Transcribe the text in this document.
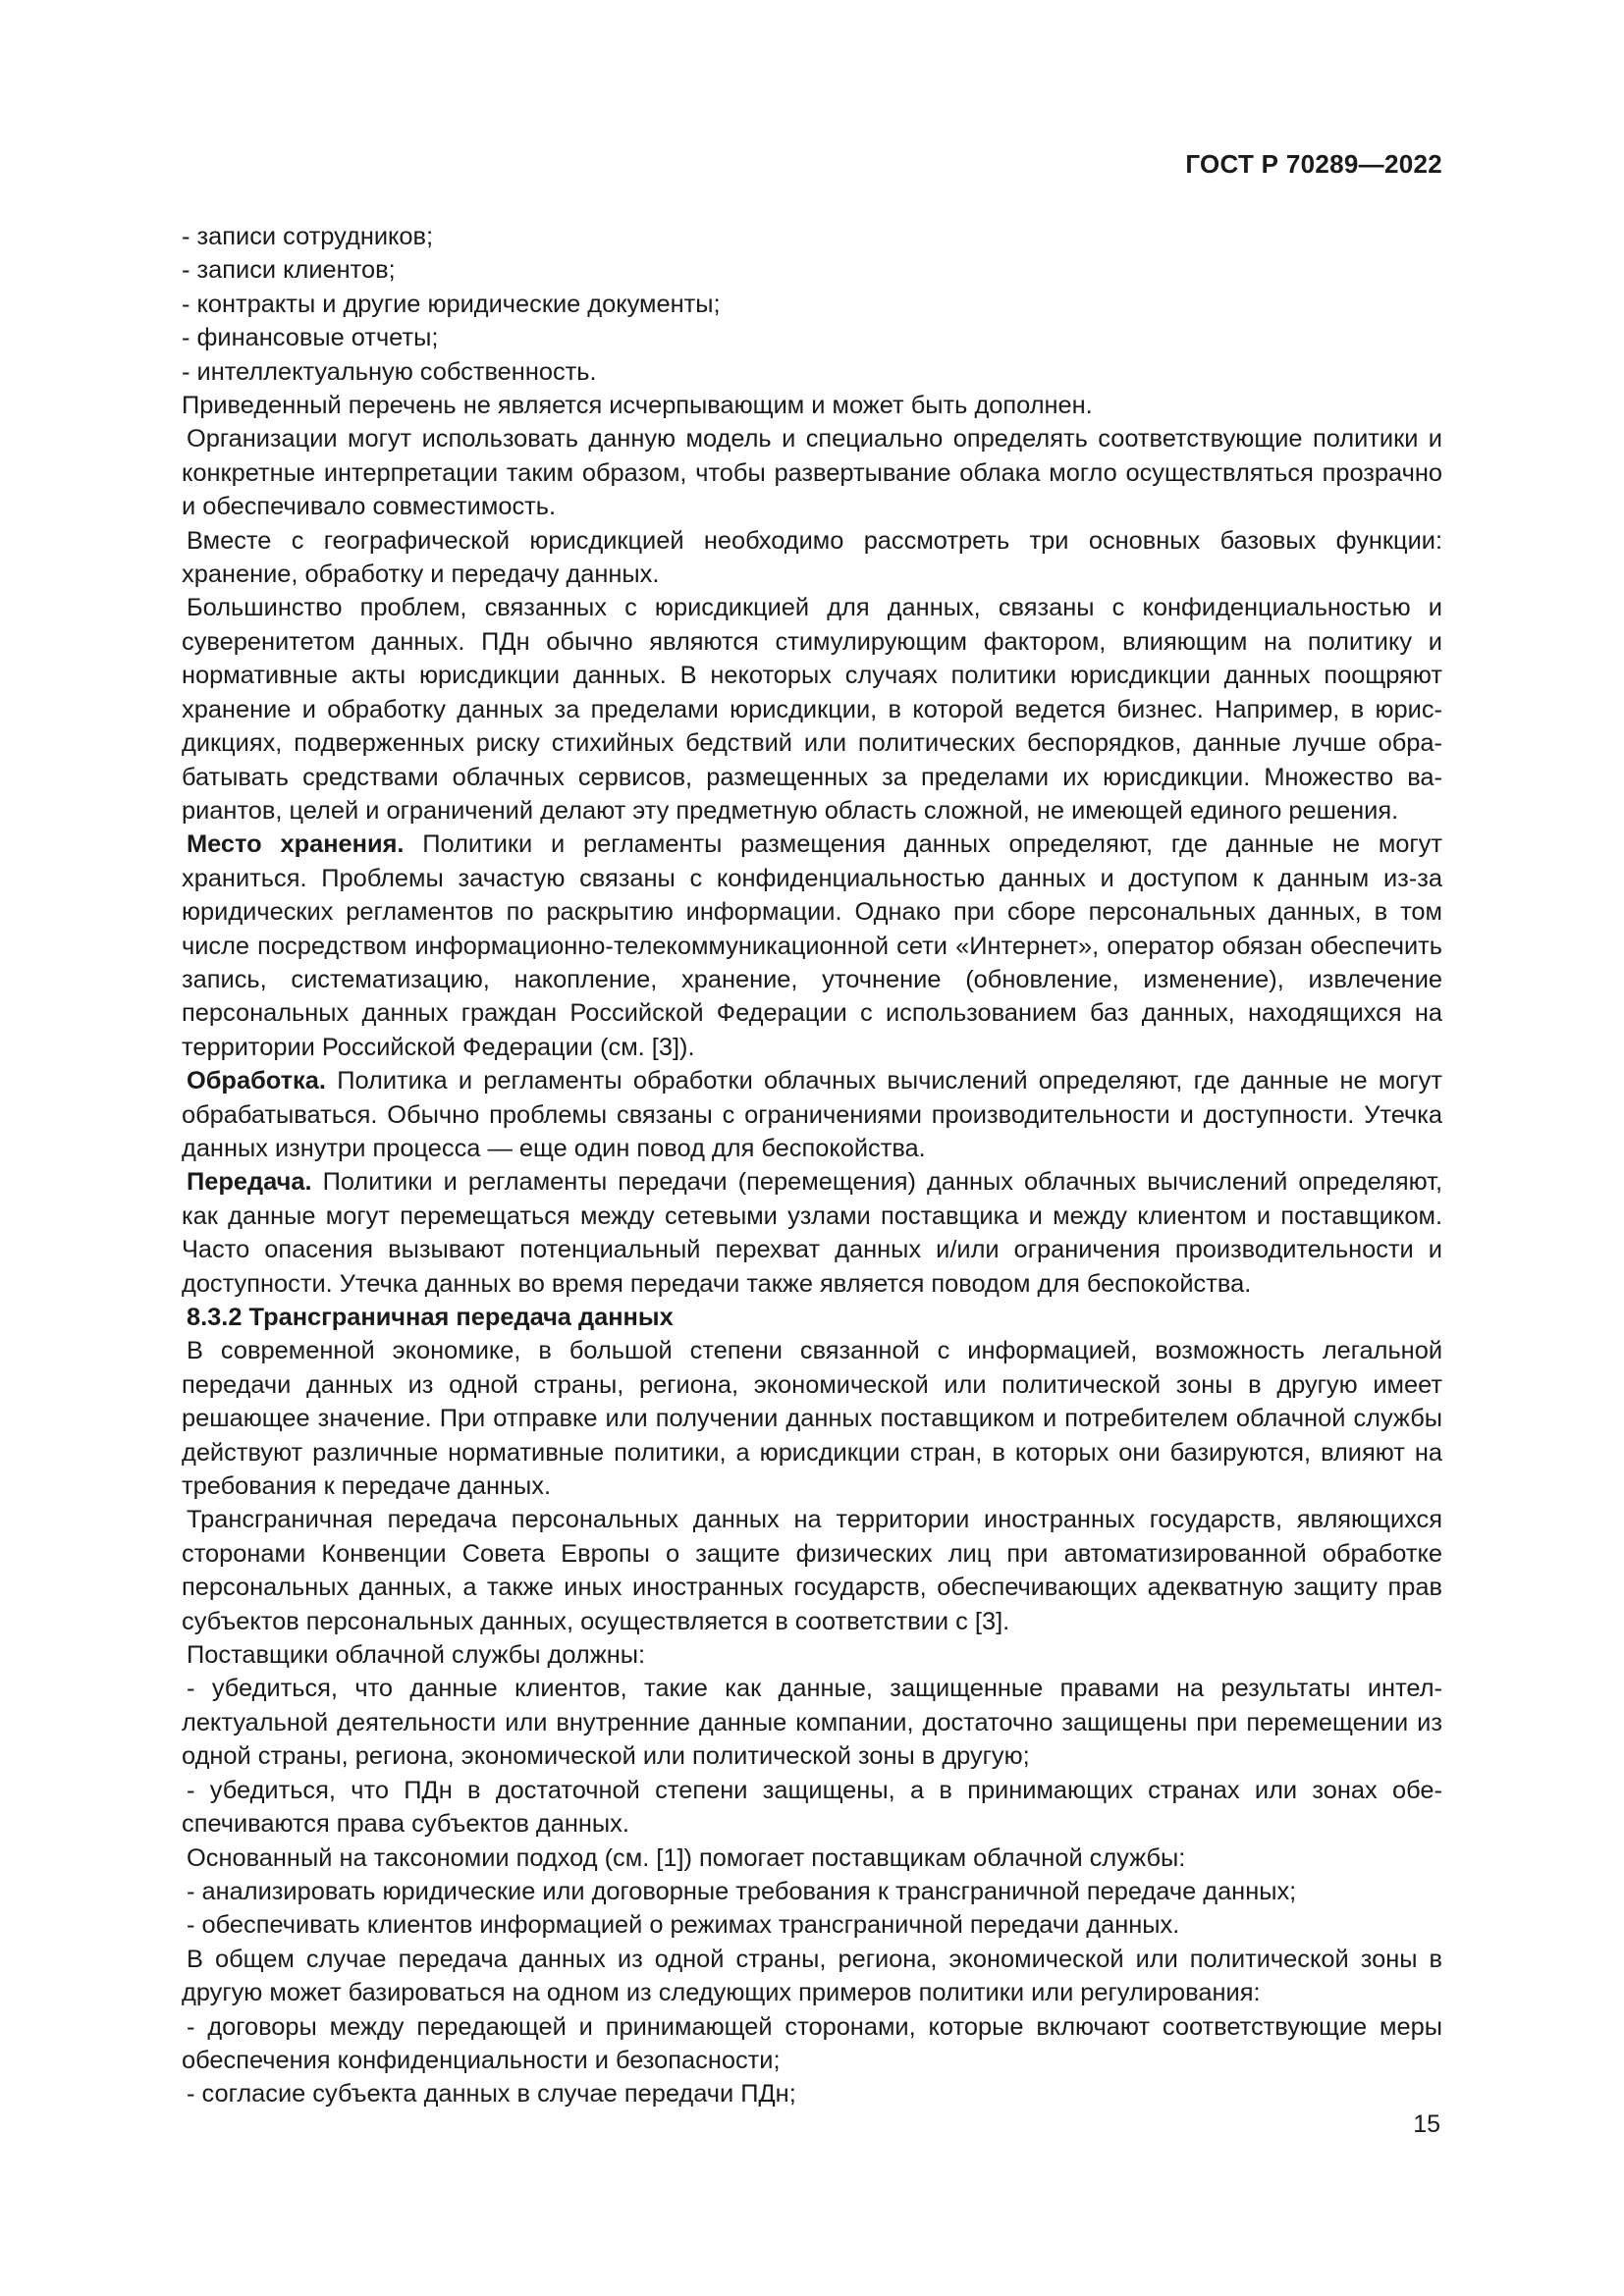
ГОСТ Р 70289—2022

- записи сотрудников;

- записи клиентов;

- контракты и другие юридические документы;

- финансовые отчеты;

- интеллектуальную собственность.

Приведенный перечень не является исчерпывающим и может быть дополнен.

Организации могут использовать данную модель и специально определять соответствующие политики и конкретные интерпретации таким образом, чтобы развертывание облака могло осуществляться прозрачно и обеспечивало совместимость.

Вместе с географической юрисдикцией необходимо рассмотреть три основных базовых функции: хранение, обработку и передачу данных.

Большинство проблем, связанных с юрисдикцией для данных, связаны с конфиденциальностью и суверенитетом данных. ПДн обычно являются стимулирующим фактором, влияющим на политику и нормативные акты юрисдикции данных. В некоторых случаях политики юрисдикции данных поощряют хранение и обработку данных за пределами юрисдикции, в которой ведется бизнес. Например, в юрисдикциях, подверженных риску стихийных бедствий или политических беспорядков, данные лучше обрабатывать средствами облачных сервисов, размещенных за пределами их юрисдикции. Множество вариантов, целей и ограничений делают эту предметную область сложной, не имеющей единого решения.

Место хранения. Политики и регламенты размещения данных определяют, где данные не могут храниться. Проблемы зачастую связаны с конфиденциальностью данных и доступом к данным из-за юридических регламентов по раскрытию информации. Однако при сборе персональных данных, в том числе посредством информационно-телекоммуникационной сети «Интернет», оператор обязан обеспечить запись, систематизацию, накопление, хранение, уточнение (обновление, изменение), извлечение персональных данных граждан Российской Федерации с использованием баз данных, находящихся на территории Российской Федерации (см. [3]).

Обработка. Политика и регламенты обработки облачных вычислений определяют, где данные не могут обрабатываться. Обычно проблемы связаны с ограничениями производительности и доступности. Утечка данных изнутри процесса — еще один повод для беспокойства.

Передача. Политики и регламенты передачи (перемещения) данных облачных вычислений определяют, как данные могут перемещаться между сетевыми узлами поставщика и между клиентом и поставщиком. Часто опасения вызывают потенциальный перехват данных и/или ограничения производительности и доступности. Утечка данных во время передачи также является поводом для беспокойства.

8.3.2 Трансграничная передача данных

В современной экономике, в большой степени связанной с информацией, возможность легальной передачи данных из одной страны, региона, экономической или политической зоны в другую имеет решающее значение. При отправке или получении данных поставщиком и потребителем облачной службы действуют различные нормативные политики, а юрисдикции стран, в которых они базируются, влияют на требования к передаче данных.

Трансграничная передача персональных данных на территории иностранных государств, являющихся сторонами Конвенции Совета Европы о защите физических лиц при автоматизированной обработке персональных данных, а также иных иностранных государств, обеспечивающих адекватную защиту прав субъектов персональных данных, осуществляется в соответствии с [3].

Поставщики облачной службы должны:

- убедиться, что данные клиентов, такие как данные, защищенные правами на результаты интеллектуальной деятельности или внутренние данные компании, достаточно защищены при перемещении из одной страны, региона, экономической или политической зоны в другую;

- убедиться, что ПДн в достаточной степени защищены, а в принимающих странах или зонах обеспечиваются права субъектов данных.

Основанный на таксономии подход (см. [1]) помогает поставщикам облачной службы:

- анализировать юридические или договорные требования к трансграничной передаче данных;

- обеспечивать клиентов информацией о режимах трансграничной передачи данных.

В общем случае передача данных из одной страны, региона, экономической или политической зоны в другую может базироваться на одном из следующих примеров политики или регулирования:

- договоры между передающей и принимающей сторонами, которые включают соответствующие меры обеспечения конфиденциальности и безопасности;

- согласие субъекта данных в случае передачи ПДн;

15
